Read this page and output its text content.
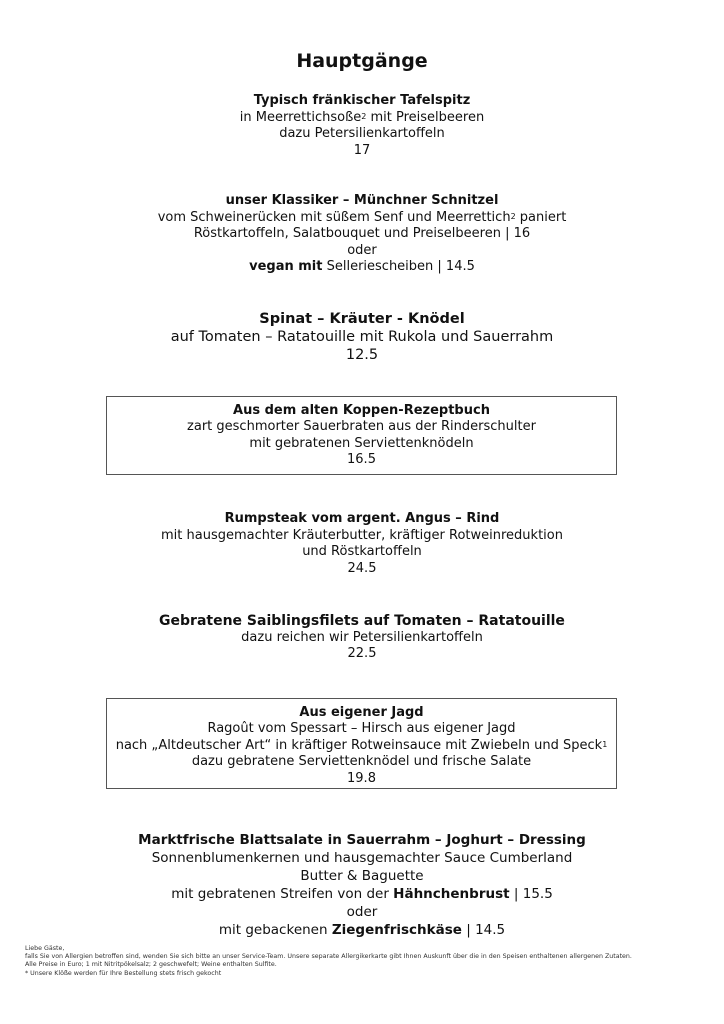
Hauptgänge
Typisch fränkischer Tafelspitz
in Meerrettichsoße$^2$ mit Preiselbeeren
dazu Petersilienkartoffeln
17
unser Klassiker – Münchner Schnitzel
vom Schweinerücken mit süßem Senf und Meerrettich$^2$ paniert
Röstkartoffeln, Salatbouquet und Preiselbeeren | 16
oder
vegan mit Selleriescheiben | 14.5
Spinat – Kräuter - Knödel
auf Tomaten – Ratatouille mit Rukola und Sauerrahm
12.5
Aus dem alten Koppen-Rezeptbuch
zart geschmorter Sauerbraten aus der Rinderschulter
mit gebratenen Serviettenknödeln
16.5
Rumpsteak vom argent. Angus – Rind
mit hausgemachter Kräuterbutter, kräftiger Rotweinreduktion
und Röstkartoffeln
24.5
Gebratene Saiblingsfilets auf Tomaten – Ratatouille
dazu reichen wir Petersilienkartoffeln
22.5
Aus eigener Jagd
Ragoût vom Spessart – Hirsch aus eigener Jagd
nach „Altdeutscher Art“ in kräftiger Rotweinsauce mit Zwiebeln und Speck$^1$
dazu gebratene Serviettenknödel und frische Salate
19.8
Marktfrische Blattsalate in Sauerrahm – Joghurt – Dressing
Sonnenblumenkernen und hausgemachter Sauce Cumberland
Butter & Baguette
mit gebratenen Streifen von der Hähnchenbrust | 15.5
oder
mit gebackenen Ziegenfrischkäse | 14.5
Liebe Gäste,
falls Sie von Allergien betroffen sind, wenden Sie sich bitte an unser Service-Team. Unsere separate Allergikerkarte gibt Ihnen Auskunft über die in den Speisen enthaltenen allergenen Zutaten.
Alle Preise in Euro; 1 mit Nitritpökelsalz; 2 geschwefelt; Weine enthalten Sulfite.
* Unsere Klöße werden für Ihre Bestellung stets frisch gekocht
